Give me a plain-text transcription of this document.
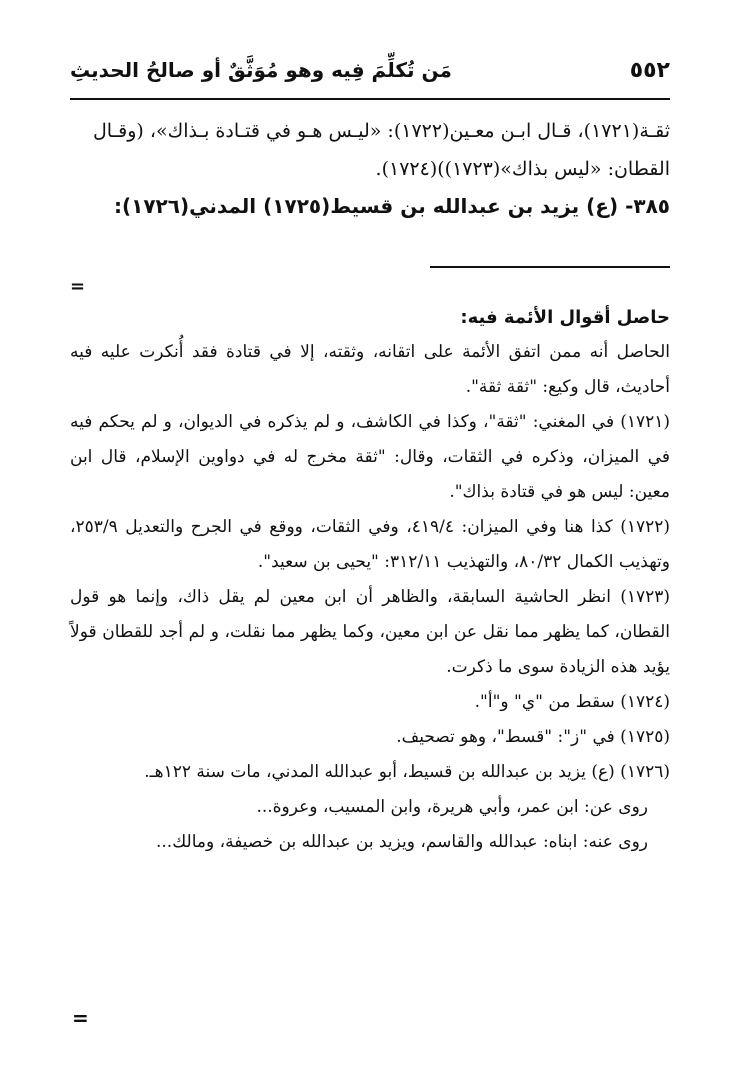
٥٥٢
مَن تُكلِّمَ فِيه وهو مُوَثَّقٌ أو صالحُ الحديثِ

ثقـة(١٧٢١)، قـال ابـن معـين(١٧٢٢): «ليـس هـو في قتـادة بـذاك»، (وقـال

القطان: «ليس بذاك»(١٧٢٣))(١٧٢٤).

٣٨٥- (ع) يزيد بن عبدالله بن قسيط(١٧٢٥) المدني(١٧٢٦):

=

حاصل أقوال الأئمة فيه:

الحاصل أنه ممن اتفق الأئمة على اتقانه، وثقته، إلا في قتادة فقد أُنكرت عليه فيه أحاديث، قال وكيع: "ثقة ثقة".

(١٧٢١) في المغني: "ثقة"، وكذا في الكاشف، و لم يذكره في الديوان، و لم يحكم فيه في الميزان، وذكره في الثقات، وقال: "ثقة مخرج له في دواوين الإسلام، قال ابن معين: ليس هو في قتادة بذاك".

(١٧٢٢) كذا هنا وفي الميزان: ٤١٩/٤، وفي الثقات، ووقع في الجرح والتعديل ٢٥٣/٩، وتهذيب الكمال ٨٠/٣٢، والتهذيب ٣١٢/١١: "يحيى بن سعيد".

(١٧٢٣) انظر الحاشية السابقة، والظاهر أن ابن معين لم يقل ذاك، وإنما هو قول القطان، كما يظهر مما نقل عن ابن معين، وكما يظهر مما نقلت، و لم أجد للقطان قولاً يؤيد هذه الزيادة سوى ما ذكرت.

(١٧٢٤) سقط من "ي" و"أ".

(١٧٢٥) في "ز": "قسط"، وهو تصحيف.

(١٧٢٦) (ع) يزيد بن عبدالله بن قسيط، أبو عبدالله المدني، مات سنة ١٢٢هـ.

روى عن: ابن عمر، وأبي هريرة، وابن المسيب، وعروة...

روى عنه: ابناه: عبدالله والقاسم، ويزيد بن عبدالله بن خصيفة، ومالك...

=
